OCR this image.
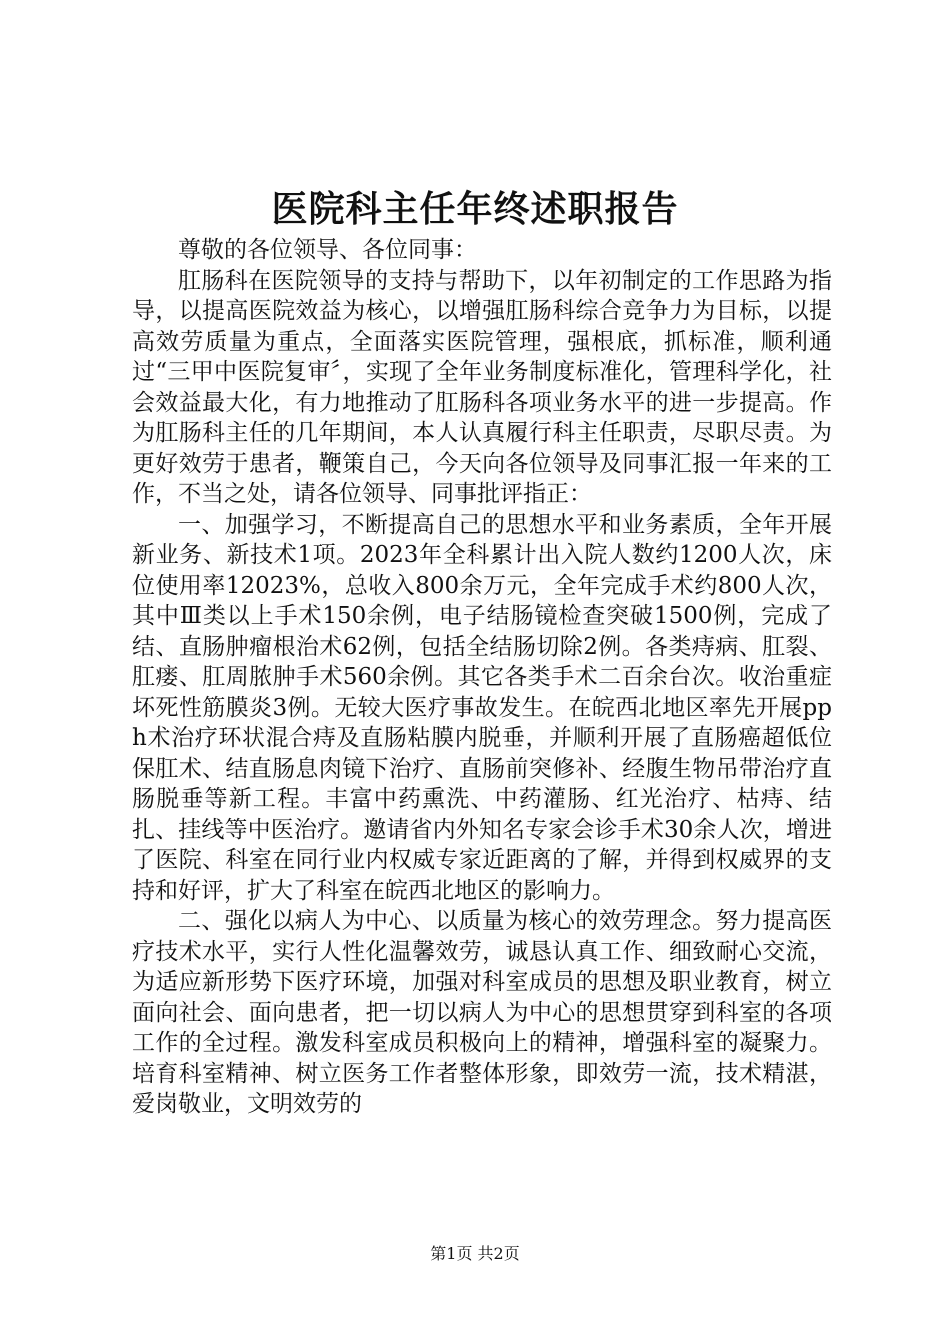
医院科主任年终述职报告

尊敬的各位领导、各位同事：

肛肠科在医院领导的支持与帮助下，以年初制定的工作思路为指导，以提高医院效益为核心，以增强肛肠科综合竞争力为目标，以提高效劳质量为重点，全面落实医院管理，强根底，抓标准，顺利通过“三甲中医院复审〞，实现了全年业务制度标准化，管理科学化，社会效益最大化，有力地推动了肛肠科各项业务水平的进一步提高。作为肛肠科主任的几年期间，本人认真履行科主任职责，尽职尽责。为更好效劳于患者，鞭策自己，今天向各位领导及同事汇报一年来的工作，不当之处，请各位领导、同事批评指正：

一、加强学习，不断提高自己的思想水平和业务素质，全年开展新业务、新技术1项。2023年全科累计出入院人数约1200人次，床位使用率12023%，总收入800余万元，全年完成手术约800人次，其中Ⅲ类以上手术150余例，电子结肠镜检查突破1500例，完成了结、直肠肿瘤根治术62例，包括全结肠切除2例。各类痔病、肛裂、肛瘘、肛周脓肿手术560余例。其它各类手术二百余台次。收治重症坏死性筋膜炎3例。无较大医疗事故发生。在皖西北地区率先开展pph术治疗环状混合痔及直肠粘膜内脱垂，并顺利开展了直肠癌超低位保肛术、结直肠息肉镜下治疗、直肠前突修补、经腹生物吊带治疗直肠脱垂等新工程。丰富中药熏洗、中药灌肠、红光治疗、枯痔、结扎、挂线等中医治疗。邀请省内外知名专家会诊手术30余人次，增进了医院、科室在同行业内权威专家近距离的了解，并得到权威界的支持和好评，扩大了科室在皖西北地区的影响力。

二、强化以病人为中心、以质量为核心的效劳理念。努力提高医疗技术水平，实行人性化温馨效劳，诚恳认真工作、细致耐心交流，为适应新形势下医疗环境，加强对科室成员的思想及职业教育，树立面向社会、面向患者，把一切以病人为中心的思想贯穿到科室的各项工作的全过程。激发科室成员积极向上的精神，增强科室的凝聚力。培育科室精神、树立医务工作者整体形象，即效劳一流，技术精湛，爱岗敬业，文明效劳的

第1页 共2页
